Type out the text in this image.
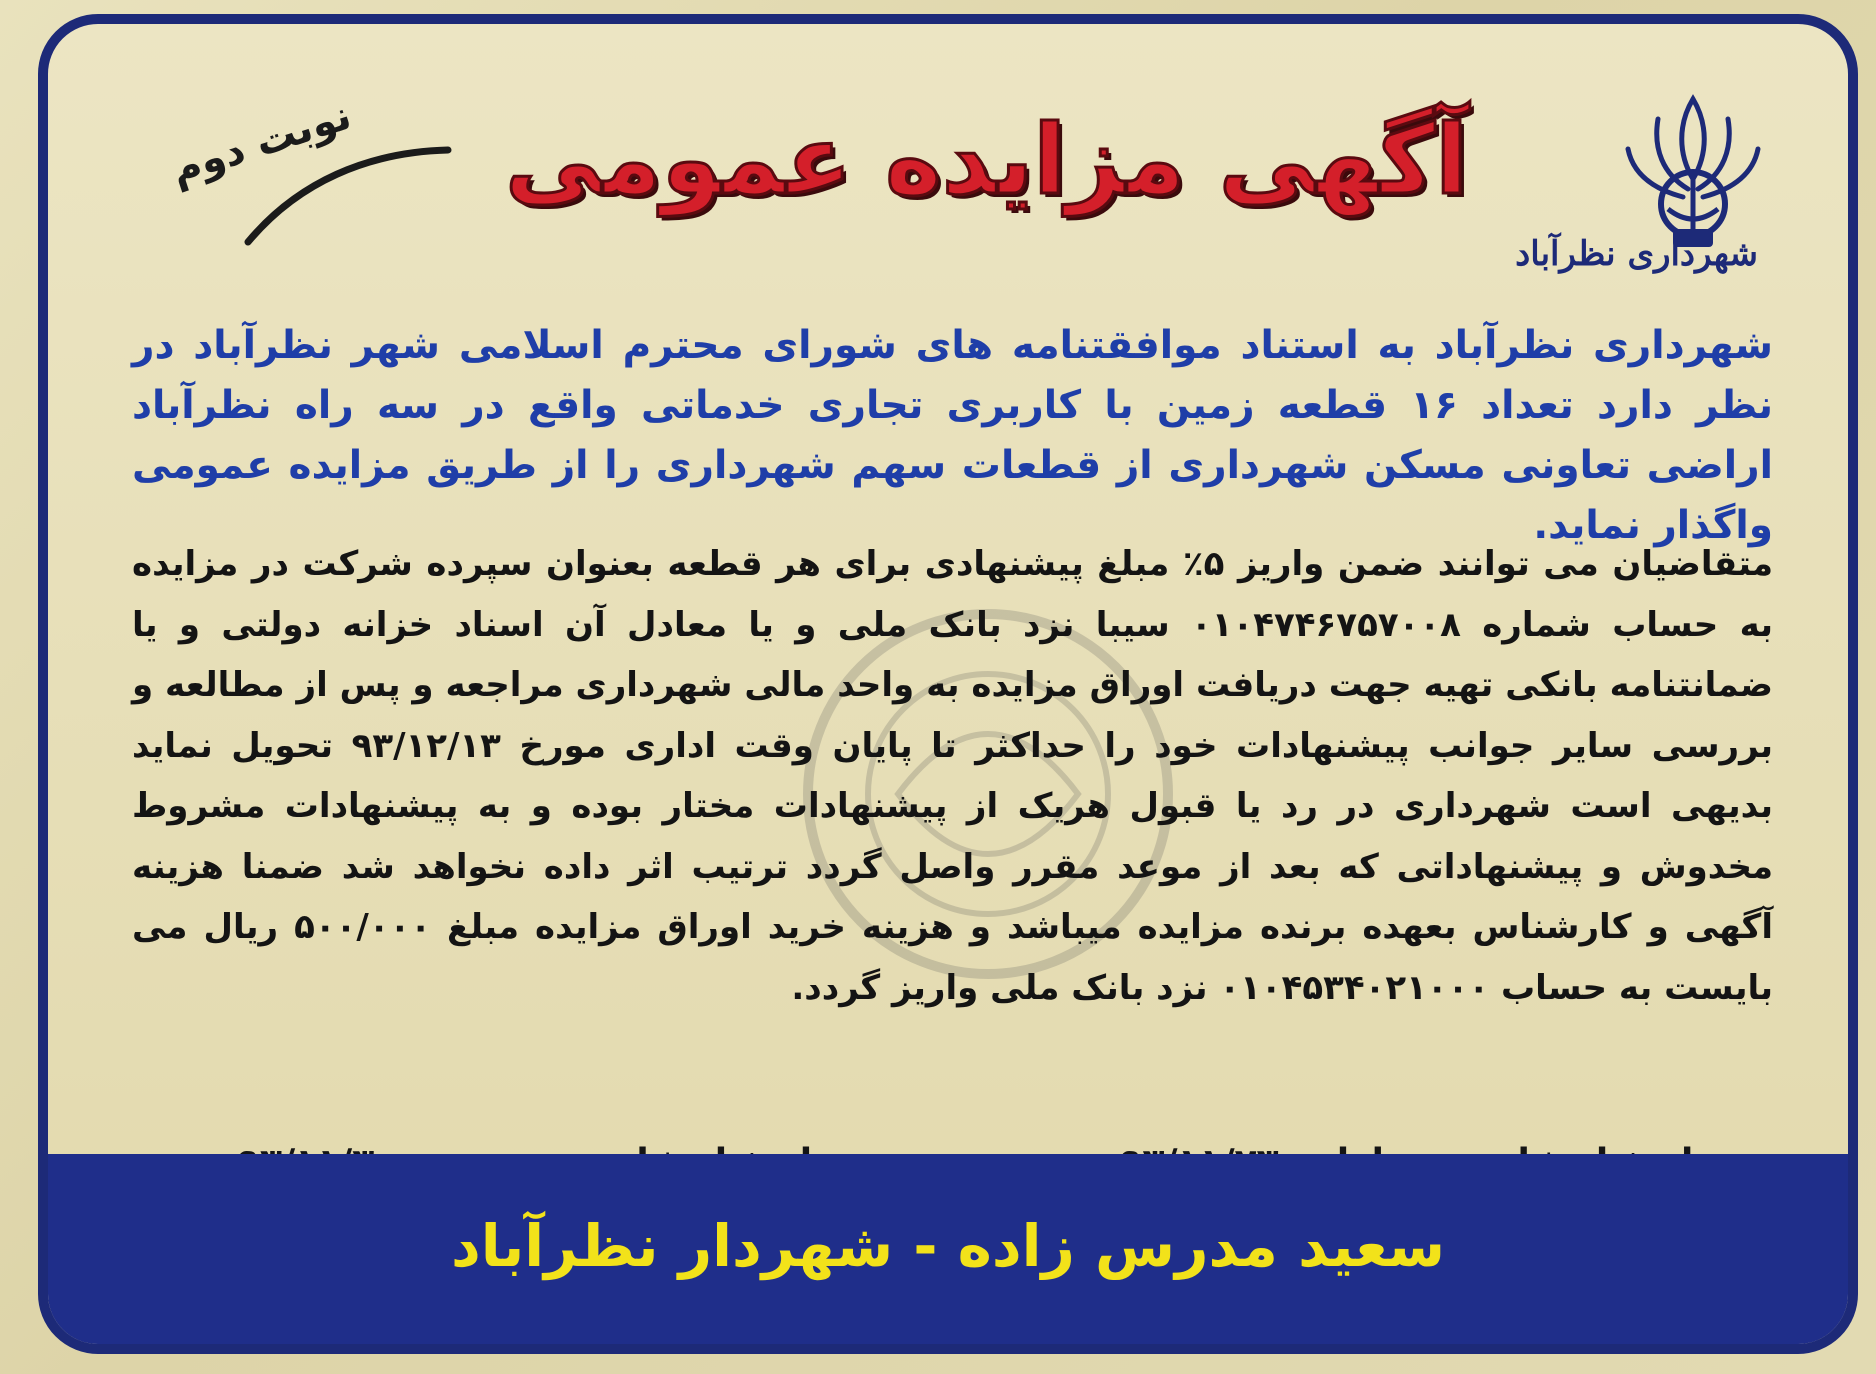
شهرداری نظرآباد
آگهی مزایده عمومی
نوبت دوم
شهرداری نظرآباد به استناد موافقتنامه های شورای محترم اسلامی شهر نظرآباد در نظر دارد تعداد ۱۶ قطعه زمین با کاربری تجاری خدماتی واقع در سه راه نظرآباد اراضی تعاونی مسکن شهرداری از قطعات سهم شهرداری را از طریق مزایده عمومی واگذار نماید.
متقاضیان می توانند ضمن واریز ۵٪ مبلغ پیشنهادی برای هر قطعه بعنوان سپرده شرکت در مزایده به حساب شماره ۰۱۰۴۷۴۶۷۵۷۰۰۸ سیبا نزد بانک ملی و یا معادل آن اسناد خزانه دولتی و یا ضمانتنامه بانکی تهیه جهت دریافت اوراق مزایده به واحد مالی شهرداری مراجعه و پس از مطالعه و بررسی سایر جوانب پیشنهادات خود را حداکثر تا پایان وقت اداری مورخ ۹۳/۱۲/۱۳ تحویل نماید بدیهی است شهرداری در رد یا قبول هریک از پیشنهادات مختار بوده و به پیشنهادات مشروط مخدوش و پیشنهاداتی که بعد از موعد مقرر واصل گردد ترتیب اثر داده نخواهد شد ضمنا هزینه آگهی و کارشناس بعهده برنده مزایده میباشد و هزینه خرید اوراق مزایده مبلغ ۵۰۰/۰۰۰ ریال می بایست به حساب ۰۱۰۴۵۳۴۰۲۱۰۰۰ نزد بانک ملی واریز گردد.
سعید مدرس زاده - شهردار نظرآباد
